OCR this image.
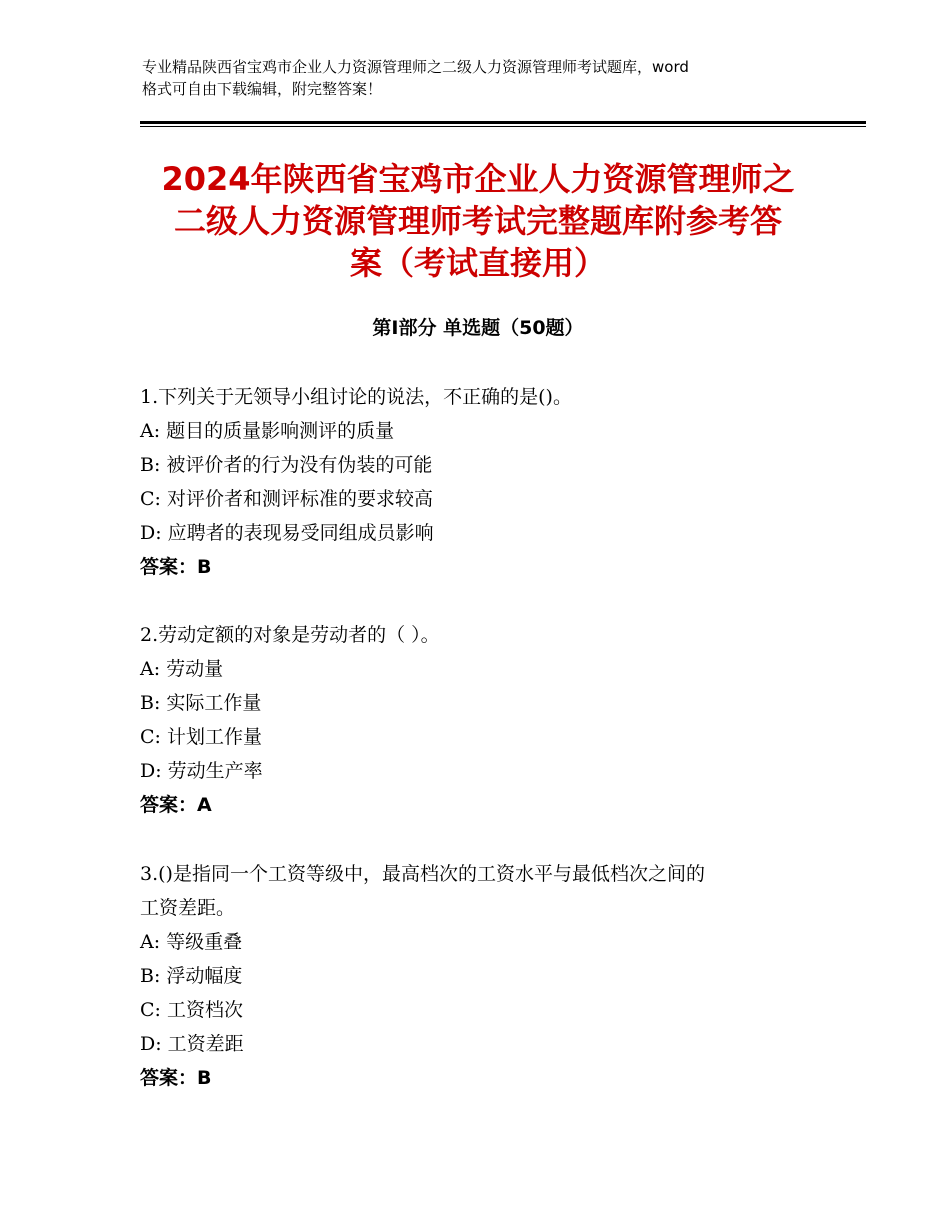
专业精品陕西省宝鸡市企业人力资源管理师之二级人力资源管理师考试题库，word
格式可自由下载编辑，附完整答案！
2024年陕西省宝鸡市企业人力资源管理师之
二级人力资源管理师考试完整题库附参考答
案（考试直接用）
第Ⅰ部分 单选题（50题）

1.下列关于无领导小组讨论的说法，不正确的是()。

A: 题目的质量影响测评的质量

B: 被评价者的行为没有伪装的可能

C: 对评价者和测评标准的要求较高

D: 应聘者的表现易受同组成员影响

答案：B

2.劳动定额的对象是劳动者的（ ）。

A: 劳动量

B: 实际工作量

C: 计划工作量

D: 劳动生产率

答案：A

3.()是指同一个工资等级中，最高档次的工资水平与最低档次之间的

工资差距。

A: 等级重叠

B: 浮动幅度

C: 工资档次

D: 工资差距

答案：B
